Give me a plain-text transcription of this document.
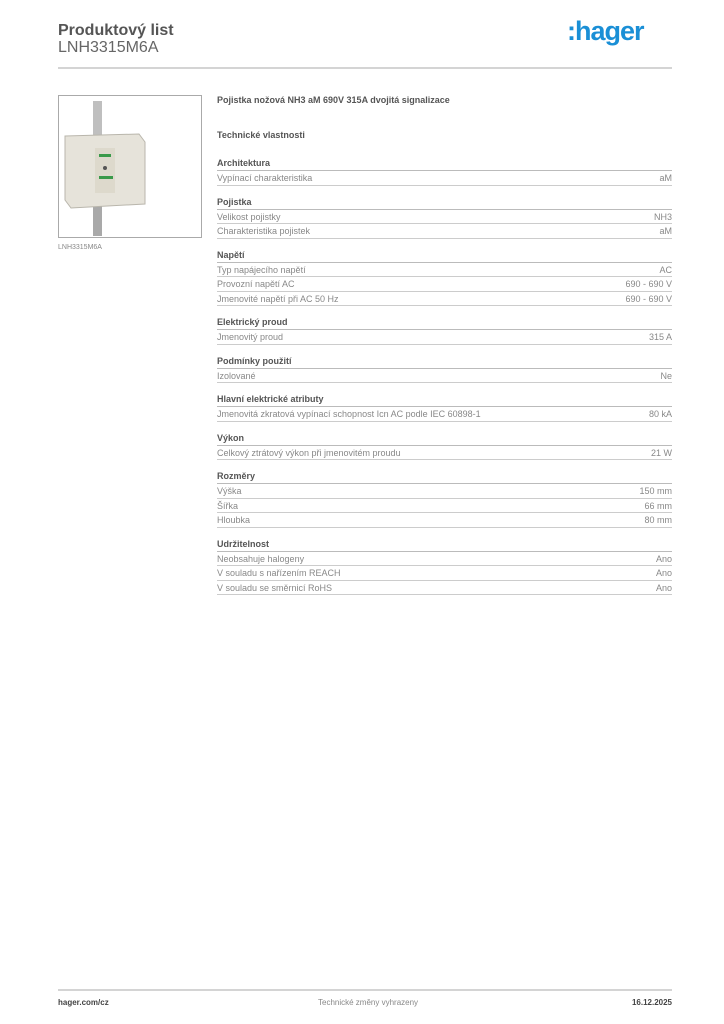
Produktový list
LNH3315M6A
:hager
LNH3315M6A
Pojistka nožová NH3 aM 690V 315A dvojitá signalizace
Technické vlastnosti
Architektura
Vypínací charakteristika	aM
Pojistka
Velikost pojistky	NH3
Charakteristika pojistek	aM
Napětí
Typ napájecího napětí	AC
Provozní napětí AC	690 - 690 V
Jmenovité napětí při AC 50 Hz	690 - 690 V
Elektrický proud
Jmenovitý proud	315 A
Podmínky použití
Izolované	Ne
Hlavní elektrické atributy
Jmenovitá zkratová vypínací schopnost Icn AC podle IEC 60898-1	80 kA
Výkon
Celkový ztrátový výkon při jmenovitém proudu	21 W
Rozměry
Výška	150 mm
Šířka	66 mm
Hloubka	80 mm
Udržitelnost
Neobsahuje halogeny	Ano
V souladu s nařízením REACH	Ano
V souladu se směrnicí RoHS	Ano
hager.com/cz	Technické změny vyhrazeny	16.12.2025
